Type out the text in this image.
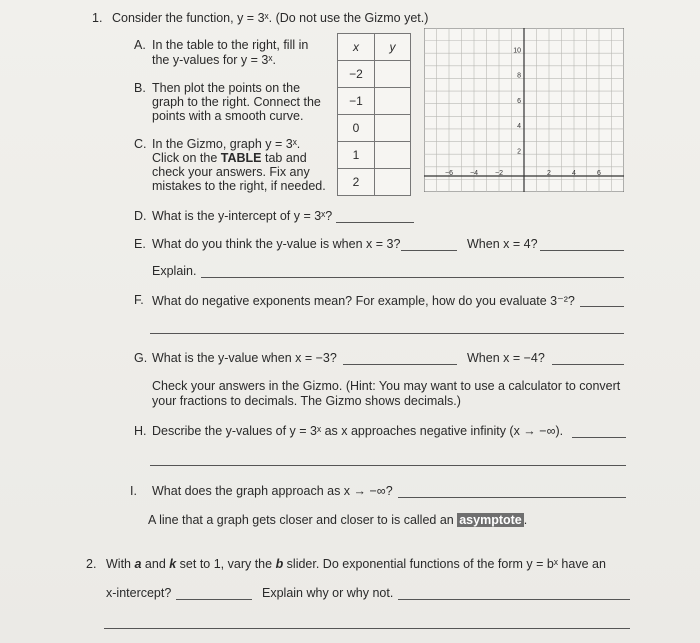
1. Consider the function, y = 3ˣ. (Do not use the Gizmo yet.)
A. In the table to the right, fill in
the y-values for y = 3ˣ.
B. Then plot the points on the
graph to the right. Connect the
points with a smooth curve.
C. In the Gizmo, graph y = 3ˣ.
Click on the TABLE tab and
check your answers. Fix any
mistakes to the right, if needed.
x	y
−2	
−1	
0	
1	
2	
−6 −4 −2	2	4	6
10
8
6
4
2
D. What is the y-intercept of y = 3ˣ?
E. What do you think the y-value is when x = 3?	When x = 4?
Explain.
F. What do negative exponents mean? For example, how do you evaluate 3⁻²?
G. What is the y-value when x = −3?	When x = −4?
Check your answers in the Gizmo. (Hint: You may want to use a calculator to convert
your fractions to decimals. The Gizmo shows decimals.)
H. Describe the y-values of y = 3ˣ as x approaches negative infinity (x → −∞).
I. What does the graph approach as x → −∞?
A line that a graph gets closer and closer to is called an asymptote .
2. With a and k set to 1, vary the b slider. Do exponential functions of the form y = bˣ have an
x-intercept?	Explain why or why not.
